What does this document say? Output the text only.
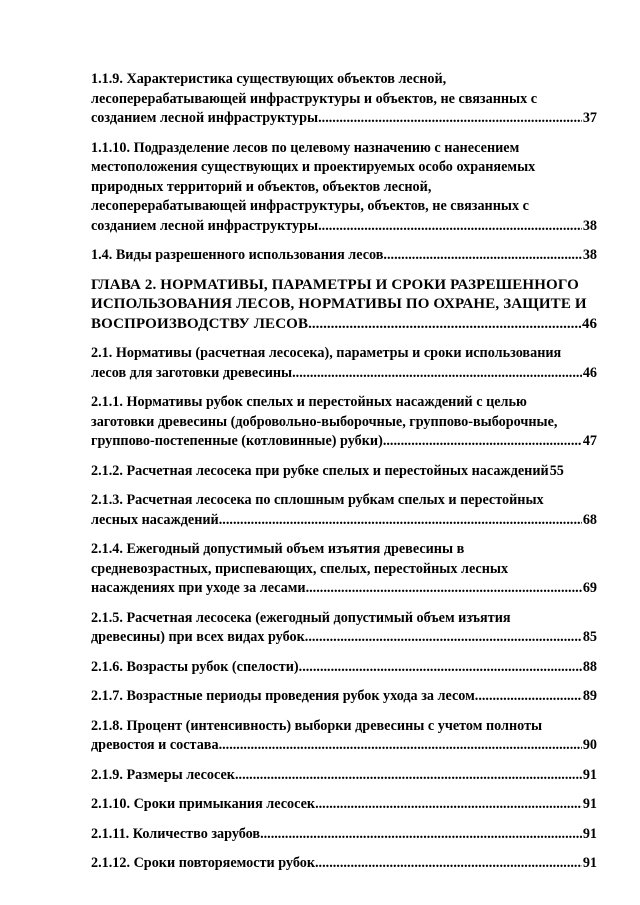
1.1.9. Характеристика существующих объектов лесной,
лесоперерабатывающей инфраструктуры и объектов, не связанных с
созданием лесной инфраструктуры .....	37
1.1.10. Подразделение лесов по целевому назначению с нанесением
местоположения существующих и проектируемых особо охраняемых
природных территорий и объектов, объектов лесной,
лесоперерабатывающей инфраструктуры, объектов, не связанных с
созданием лесной инфраструктуры .....	38
1.4. Виды разрешенного использования лесов .....	38
ГЛАВА 2. НОРМАТИВЫ, ПАРАМЕТРЫ И СРОКИ РАЗРЕШЕННОГО
ИСПОЛЬЗОВАНИЯ ЛЕСОВ, НОРМАТИВЫ ПО ОХРАНЕ, ЗАЩИТЕ И
ВОСПРОИЗВОДСТВУ ЛЕСОВ .....	46
2.1. Нормативы (расчетная лесосека), параметры и сроки использования
лесов для заготовки древесины .....	46
2.1.1. Нормативы рубок спелых и перестойных насаждений с целью
заготовки древесины (добровольно-выборочные, группово-выборочные,
группово-постепенные (котловинные) рубки) .....	47
2.1.2. Расчетная лесосека при рубке спелых и перестойных насаждений 55
2.1.3. Расчетная лесосека по сплошным рубкам спелых и перестойных
лесных насаждений .....	68
2.1.4. Ежегодный допустимый объем изъятия древесины в
средневозрастных, приспевающих, спелых, перестойных лесных
насаждениях при уходе за лесами .....	69
2.1.5. Расчетная лесосека (ежегодный допустимый объем изъятия
древесины) при всех видах рубок .....	85
2.1.6. Возрасты рубок (спелости) .....	88
2.1.7. Возрастные периоды проведения рубок ухода за лесом .....	89
2.1.8. Процент (интенсивность) выборки древесины с учетом полноты
древостоя и состава .....	90
2.1.9. Размеры лесосек .....	91
2.1.10. Сроки примыкания лесосек .....	91
2.1.11. Количество зарубов .....	91
2.1.12. Сроки повторяемости рубок .....	91
